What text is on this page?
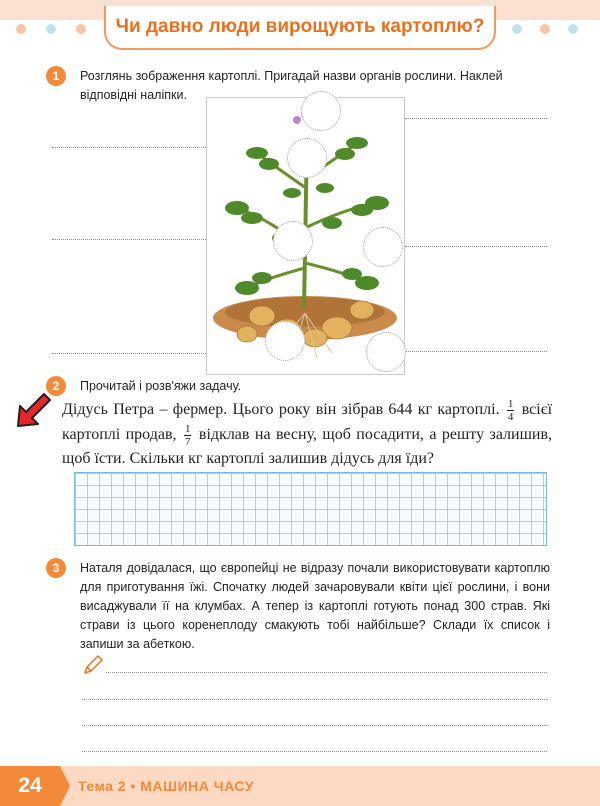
Чи давно люди вирощують картоплю?
1	Розглянь зображення картоплі. Пригадай назви органів рослини. Наклей відповідні наліпки.
2	Прочитай і розв'яжи задачу.
Дідусь Петра – фермер. Цього року він зібрав 644 кг картоплі. $\frac{1}{4}$ всієї картоплі продав, $\frac{1}{7}$ відклав на весну, щоб посадити, а решту залишив, щоб їсти. Скільки кг картоплі залишив дідусь для їди?
3	Наталя довідалася, що європейці не відразу почали використовувати картоплю для приготування їжі. Спочатку людей зачаровували квіти цієї рослини, і вони висаджували її на клумбах. А тепер із картоплі готують понад 300 страв. Які страви із цього коренеплоду смакують тобі найбільше? Склади їх список і запиши за абеткою.
24	Тема 2 • МАШИНА ЧАСУ
